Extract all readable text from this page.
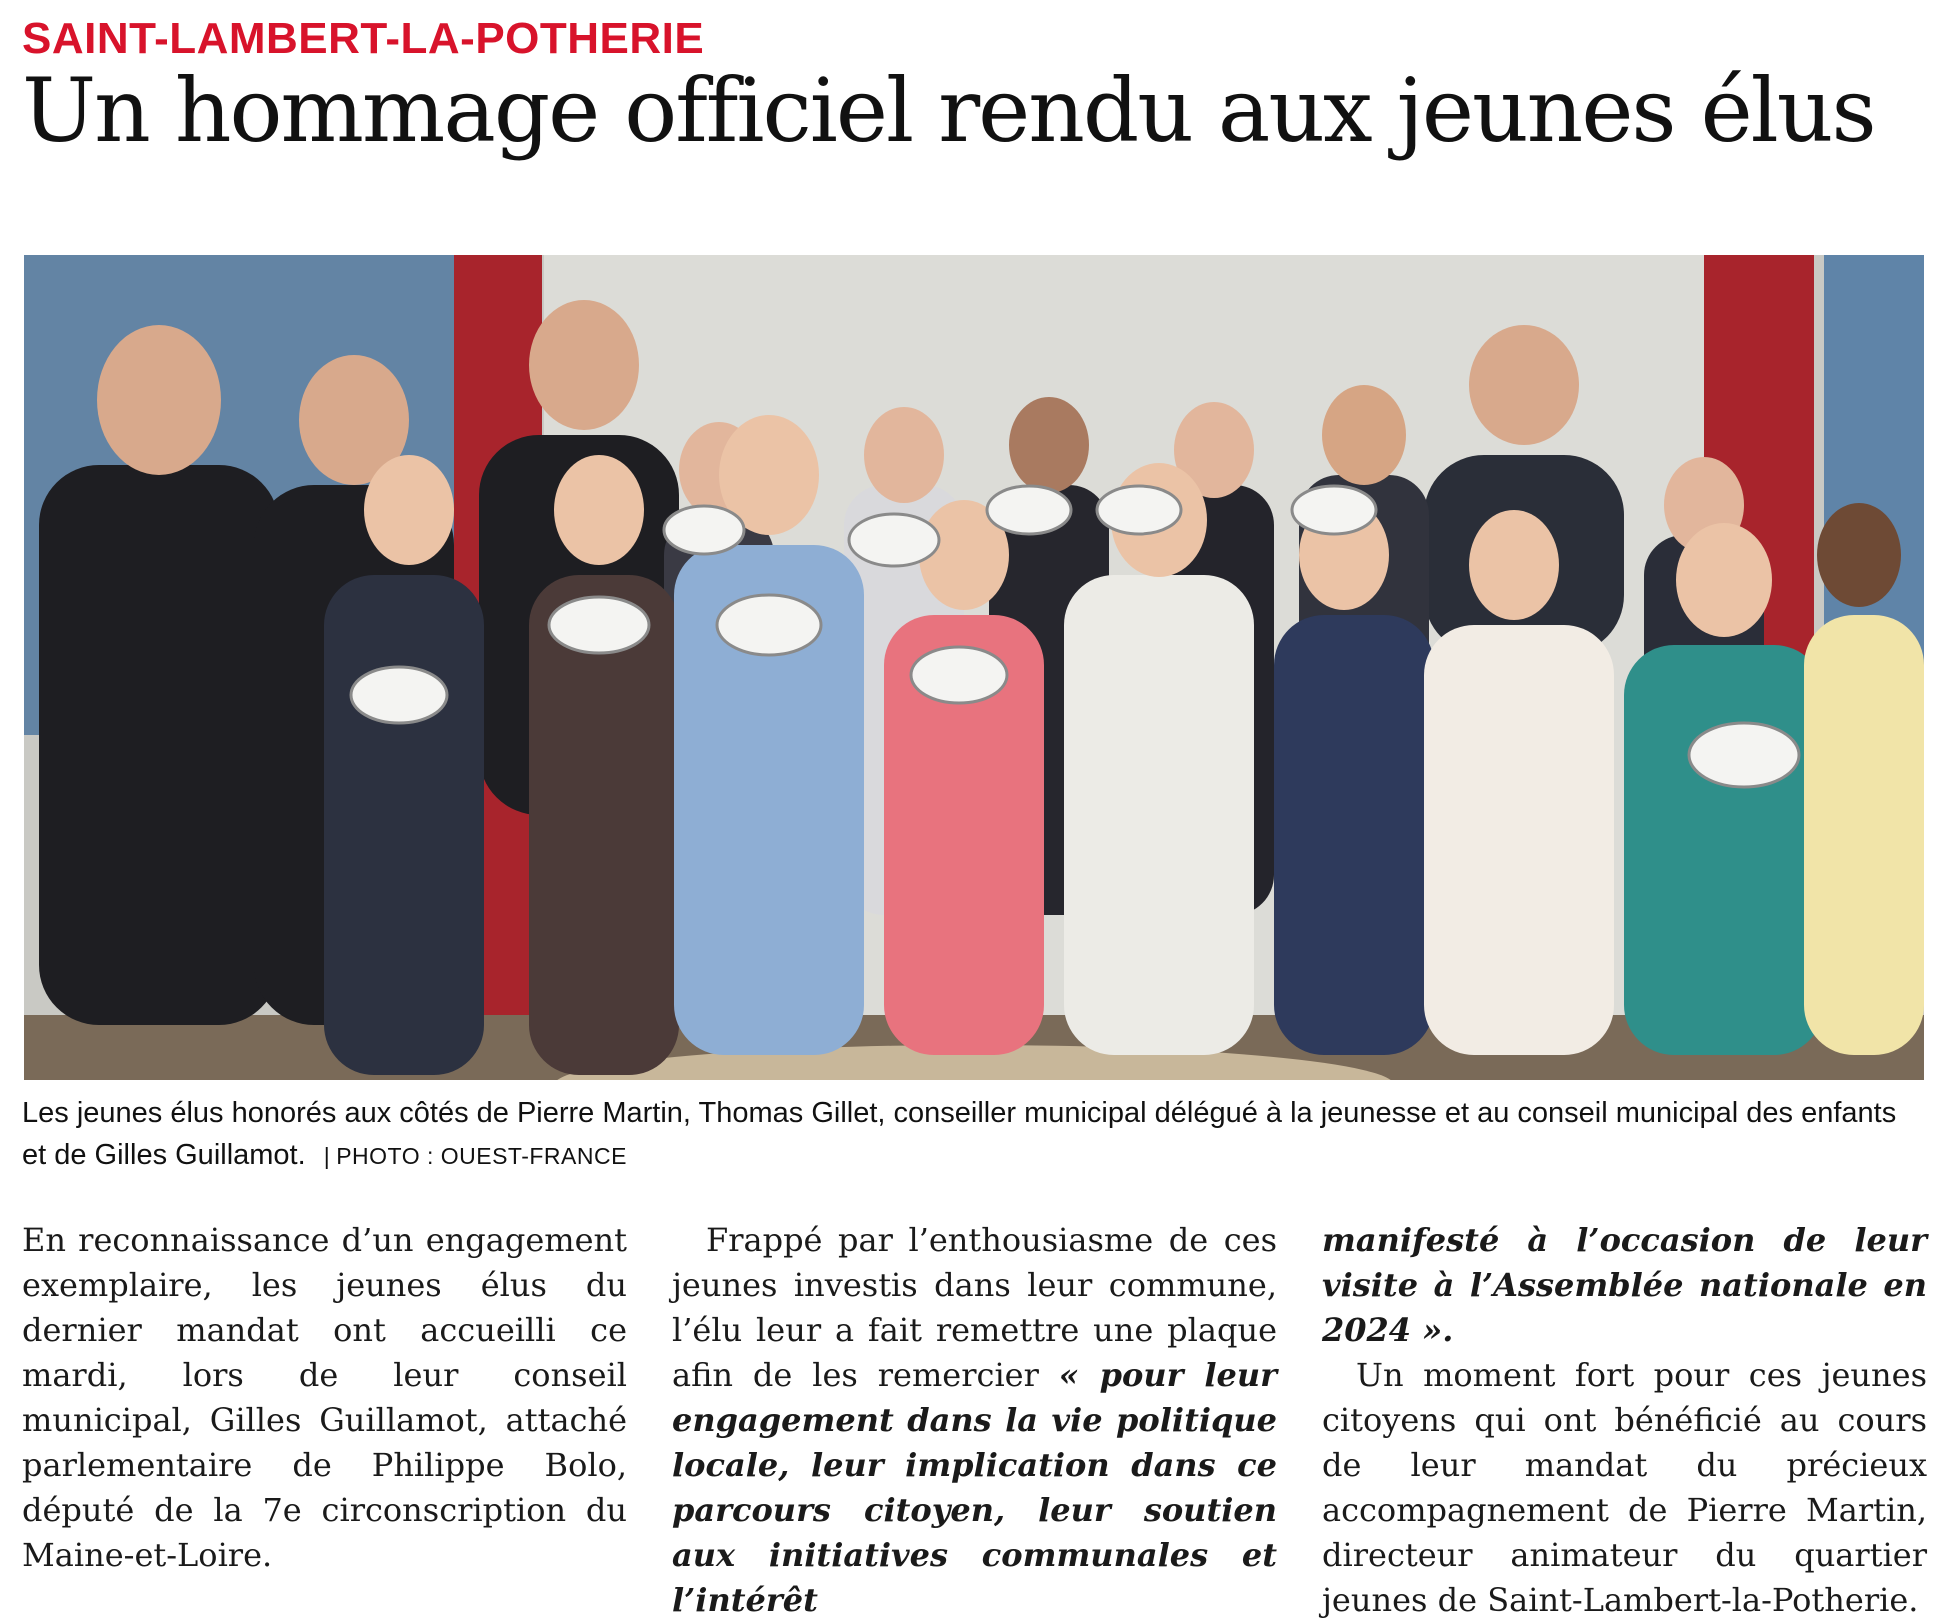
SAINT-LAMBERT-LA-POTHERIE
Un hommage officiel rendu aux jeunes élus
Les jeunes élus honorés aux côtés de Pierre Martin, Thomas Gillet, conseiller municipal délégué à la jeunesse et au conseil municipal des enfants et de Gilles Guillamot. | PHOTO : OUEST-FRANCE

En reconnaissance d’un engagement exemplaire, les jeunes élus du dernier mandat ont accueilli ce mardi, lors de leur conseil municipal, Gilles Guillamot, attaché parlementaire de Philippe Bolo, député de la 7e circonscription du Maine-et-Loire.

Frappé par l’enthousiasme de ces jeunes investis dans leur commune, l’élu leur a fait remettre une plaque afin de les remercier « pour leur engagement dans la vie politique locale, leur implication dans ce parcours citoyen, leur soutien aux initiatives communales et l’intérêt

manifesté à l’occasion de leur visite à l’Assemblée nationale en 2024 ».

Un moment fort pour ces jeunes citoyens qui ont bénéficié au cours de leur mandat du précieux accompagnement de Pierre Martin, directeur animateur du quartier jeunes de Saint-Lambert-la-Potherie.
